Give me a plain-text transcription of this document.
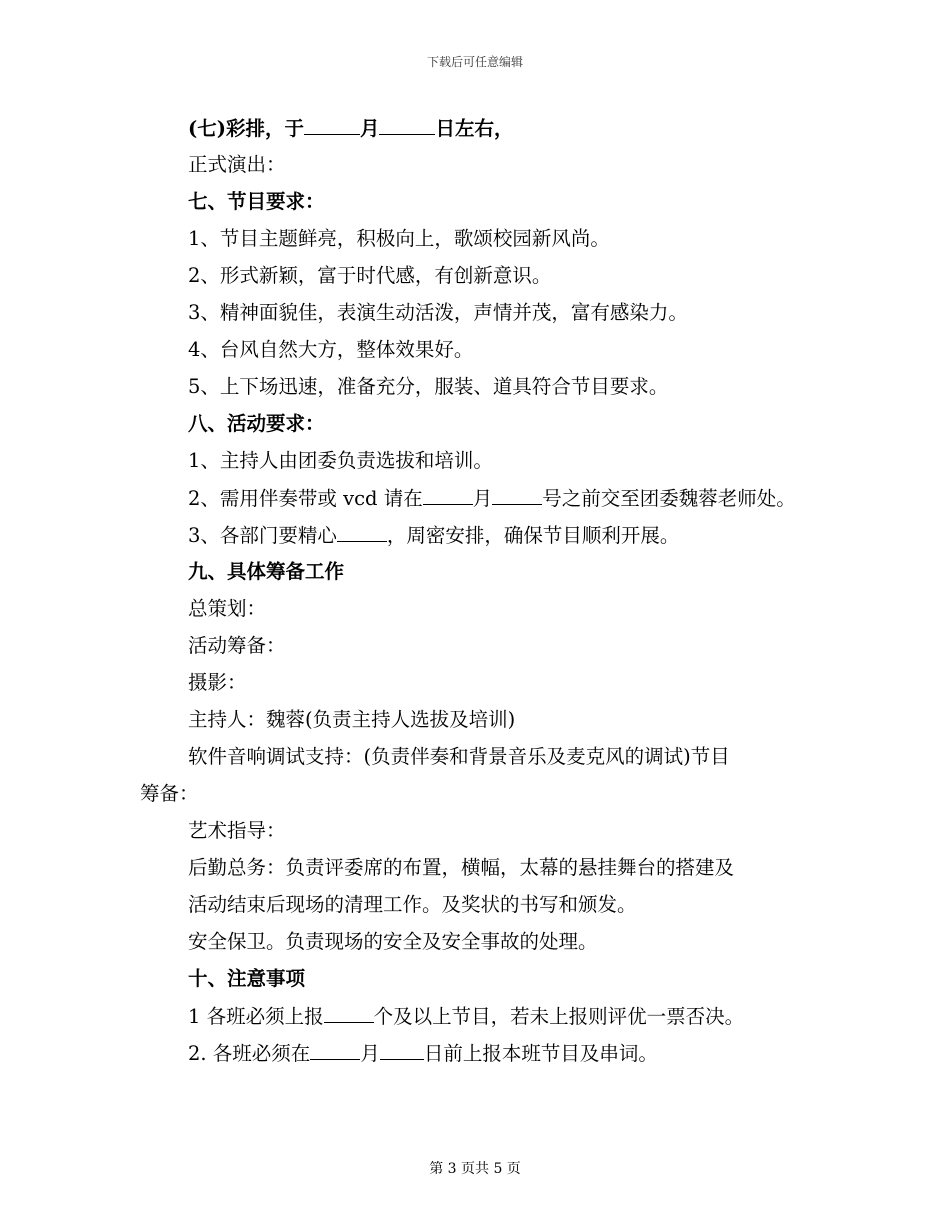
下载后可任意编辑
(七)彩排，于	月	日左右，
正式演出：
七、节目要求：
1、节目主题鲜亮，积极向上，歌颂校园新风尚。
2、形式新颖，富于时代感，有创新意识。
3、精神面貌佳，表演生动活泼，声情并茂，富有感染力。
4、台风自然大方，整体效果好。
5、上下场迅速，准备充分，服装、道具符合节目要求。
八、活动要求：
1、主持人由团委负责选拔和培训。
2、需用伴奏带或 vcd 请在	月	号之前交至团委魏蓉老师处。
3、各部门要精心	，周密安排，确保节目顺利开展。
九、具体筹备工作
总策划：
活动筹备：
摄影：
主持人：魏蓉(负责主持人选拔及培训)
软件音响调试支持：(负责伴奏和背景音乐及麦克风的调试)节目
筹备：
艺术指导：
后勤总务：负责评委席的布置，横幅，太幕的悬挂舞台的搭建及
活动结束后现场的清理工作。及奖状的书写和颁发。
安全保卫。负责现场的安全及安全事故的处理。
十、注意事项
1 各班必须上报	个及以上节目，若未上报则评优一票否决。
2. 各班必须在	月 日前上报本班节目及串词。
第 3 页共 5 页
